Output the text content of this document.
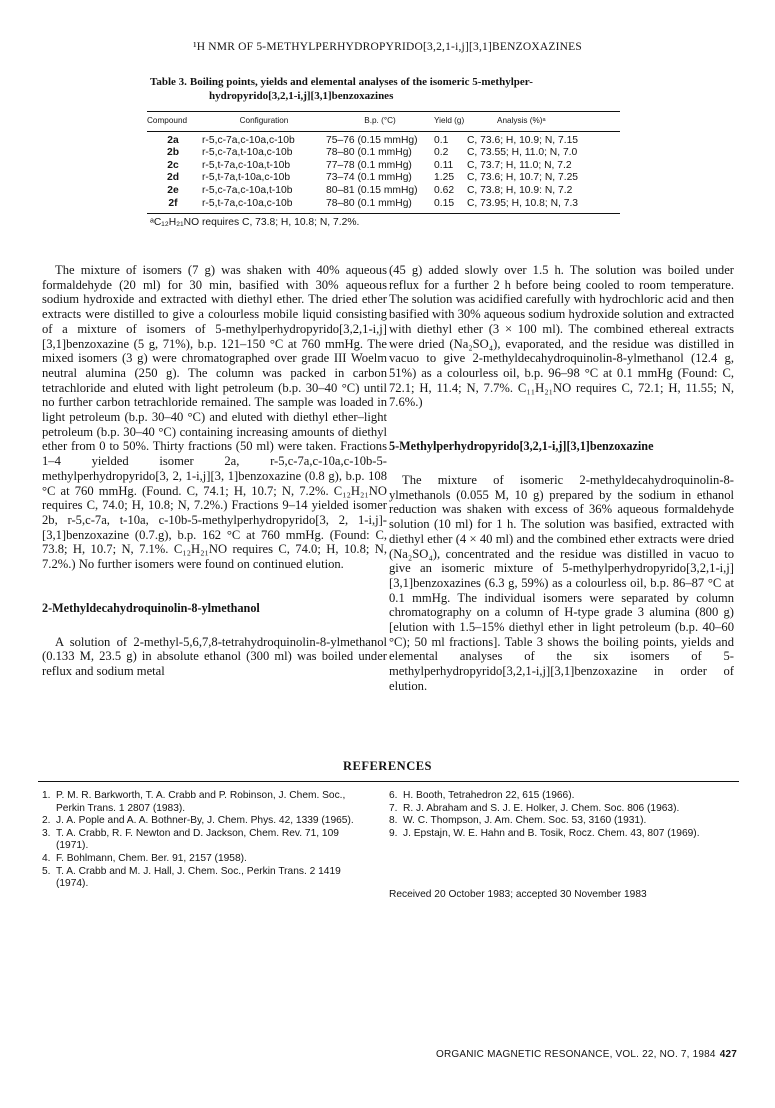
¹H NMR OF 5-METHYLPERHYDROPYRIDO[3,2,1-i,j][3,1]BENZOXAZINES
Table 3. Boiling points, yields and elemental analyses of the isomeric 5-methylper-
hydropyrido[3,2,1-i,j][3,1]benzoxazines
Compound	Configuration	B.p. (°C)	Yield (g)	Analysis (%)ᵃ

2a	r-5,c-7a,c-10a,c-10b	75–76 (0.15 mmHg)	0.1	C, 73.6; H, 10.9; N, 7.15
2b	r-5,c-7a,t-10a,c-10b	78–80 (0.1 mmHg)	0.2	C, 73.55; H, 11.0; N, 7.0
2c	r-5,t-7a,c-10a,t-10b	77–78 (0.1 mmHg)	0.11	C, 73.7; H, 11.0; N, 7.2
2d	r-5,t-7a,t-10a,c-10b	73–74 (0.1 mmHg)	1.25	C, 73.6; H, 10.7; N, 7.25
2e	r-5,c-7a,c-10a,t-10b	80–81 (0.15 mmHg)	0.62	C, 73.8; H, 10.9: N, 7.2
2f	r-5,t-7a,c-10a,c-10b	78–80 (0.1 mmHg)	0.15	C, 73.95; H, 10.8; N, 7.3
ᵃC₁₂H₂₁NO requires C, 73.8; H, 10.8; N, 7.2%.

The mixture of isomers (7 g) was shaken with 40% aqueous formaldehyde (20 ml) for 30 min, basified with 30% aqueous sodium hydroxide and extracted with diethyl ether. The dried ether extracts were distilled to give a colourless mobile liquid consisting of a mixture of isomers of 5-methylperhydropyrido[3,2,1-i,j][3,1]benzoxazine (5 g, 71%), b.p. 121–150 °C at 760 mmHg. The mixed isomers (3 g) were chromatographed over grade III Woelm neutral alumina (250 g). The column was packed in carbon tetrachloride and eluted with light petroleum (b.p. 30–40 °C) until no further carbon tetrachloride remained. The sample was loaded in light petroleum (b.p. 30–40 °C) and eluted with diethyl ether–light petroleum (b.p. 30–40 °C) containing increasing amounts of diethyl ether from 0 to 50%. Thirty fractions (50 ml) were taken. Fractions 1–4 yielded isomer 2a, r-5,c-7a,c-10a,c-10b-5-methylperhydropyrido[3, 2, 1-i,j][3, 1]benzoxazine (0.8 g), b.p. 108 °C at 760 mmHg. (Found. C, 74.1; H, 10.7; N, 7.2%. C₁₂H₂₁NO requires C, 74.0; H, 10.8; N, 7.2%.) Fractions 9–14 yielded isomer 2b, r-5,c-7a, t-10a, c-10b-5-methylperhydropyrido[3, 2, 1-i,j]-[3,1]benzoxazine (0.7.g), b.p. 162 °C at 760 mmHg. (Found: C, 73.8; H, 10.7; N, 7.1%. C₁₂H₂₁NO requires C, 74.0; H, 10.8; N, 7.2%.) No further isomers were found on continued elution.

2-Methyldecahydroquinolin-8-ylmethanol

A solution of 2-methyl-5,6,7,8-tetrahydroquinolin-8-ylmethanol (0.133 M, 23.5 g) in absolute ethanol (300 ml) was boiled under reflux and sodium metal

(45 g) added slowly over 1.5 h. The solution was boiled under reflux for a further 2 h before being cooled to room temperature. The solution was acidified carefully with hydrochloric acid and then basified with 30% aqueous sodium hydroxide solution and extracted with diethyl ether (3 × 100 ml). The combined ethereal extracts were dried (Na₂SO₄), evaporated, and the residue was distilled in vacuo to give 2-methyldecahydroquinolin-8-ylmethanol (12.4 g, 51%) as a colourless oil, b.p. 96–98 °C at 0.1 mmHg (Found: C, 72.1; H, 11.4; N, 7.7%. C₁₁H₂₁NO requires C, 72.1; H, 11.55; N, 7.6%.)

5-Methylperhydropyrido[3,2,1-i,j][3,1]benzoxazine

The mixture of isomeric 2-methyldecahydroquinolin-8-ylmethanols (0.055 M, 10 g) prepared by the sodium in ethanol reduction was shaken with excess of 36% aqueous formaldehyde solution (10 ml) for 1 h. The solution was basified, extracted with diethyl ether (4 × 40 ml) and the combined ether extracts were dried (Na₂SO₄), concentrated and the residue was distilled in vacuo to give an isomeric mixture of 5-methylperhydropyrido[3,2,1-i,j][3,1]benzoxazines (6.3 g, 59%) as a colourless oil, b.p. 86–87 °C at 0.1 mmHg. The individual isomers were separated by column chromatography on a column of H-type grade 3 alumina (800 g) [elution with 1.5–15% diethyl ether in light petroleum (b.p. 40–60 °C); 50 ml fractions]. Table 3 shows the boiling points, yields and elemental analyses of the six isomers of 5-methylperhydropyrido[3,2,1-i,j][3,1]benzoxazine in order of elution.

REFERENCES
1. P. M. R. Barkworth, T. A. Crabb and P. Robinson, J. Chem. Soc., Perkin Trans. 1 2807 (1983).
2. J. A. Pople and A. A. Bothner-By, J. Chem. Phys. 42, 1339 (1965).
3. T. A. Crabb, R. F. Newton and D. Jackson, Chem. Rev. 71, 109 (1971).
4. F. Bohlmann, Chem. Ber. 91, 2157 (1958).
5. T. A. Crabb and M. J. Hall, J. Chem. Soc., Perkin Trans. 2 1419 (1974).
6. H. Booth, Tetrahedron 22, 615 (1966).
7. R. J. Abraham and S. J. E. Holker, J. Chem. Soc. 806 (1963).
8. W. C. Thompson, J. Am. Chem. Soc. 53, 3160 (1931).
9. J. Epstajn, W. E. Hahn and B. Tosik, Rocz. Chem. 43, 807 (1969).
Received 20 October 1983; accepted 30 November 1983
ORGANIC MAGNETIC RESONANCE, VOL. 22, NO. 7, 1984 427
